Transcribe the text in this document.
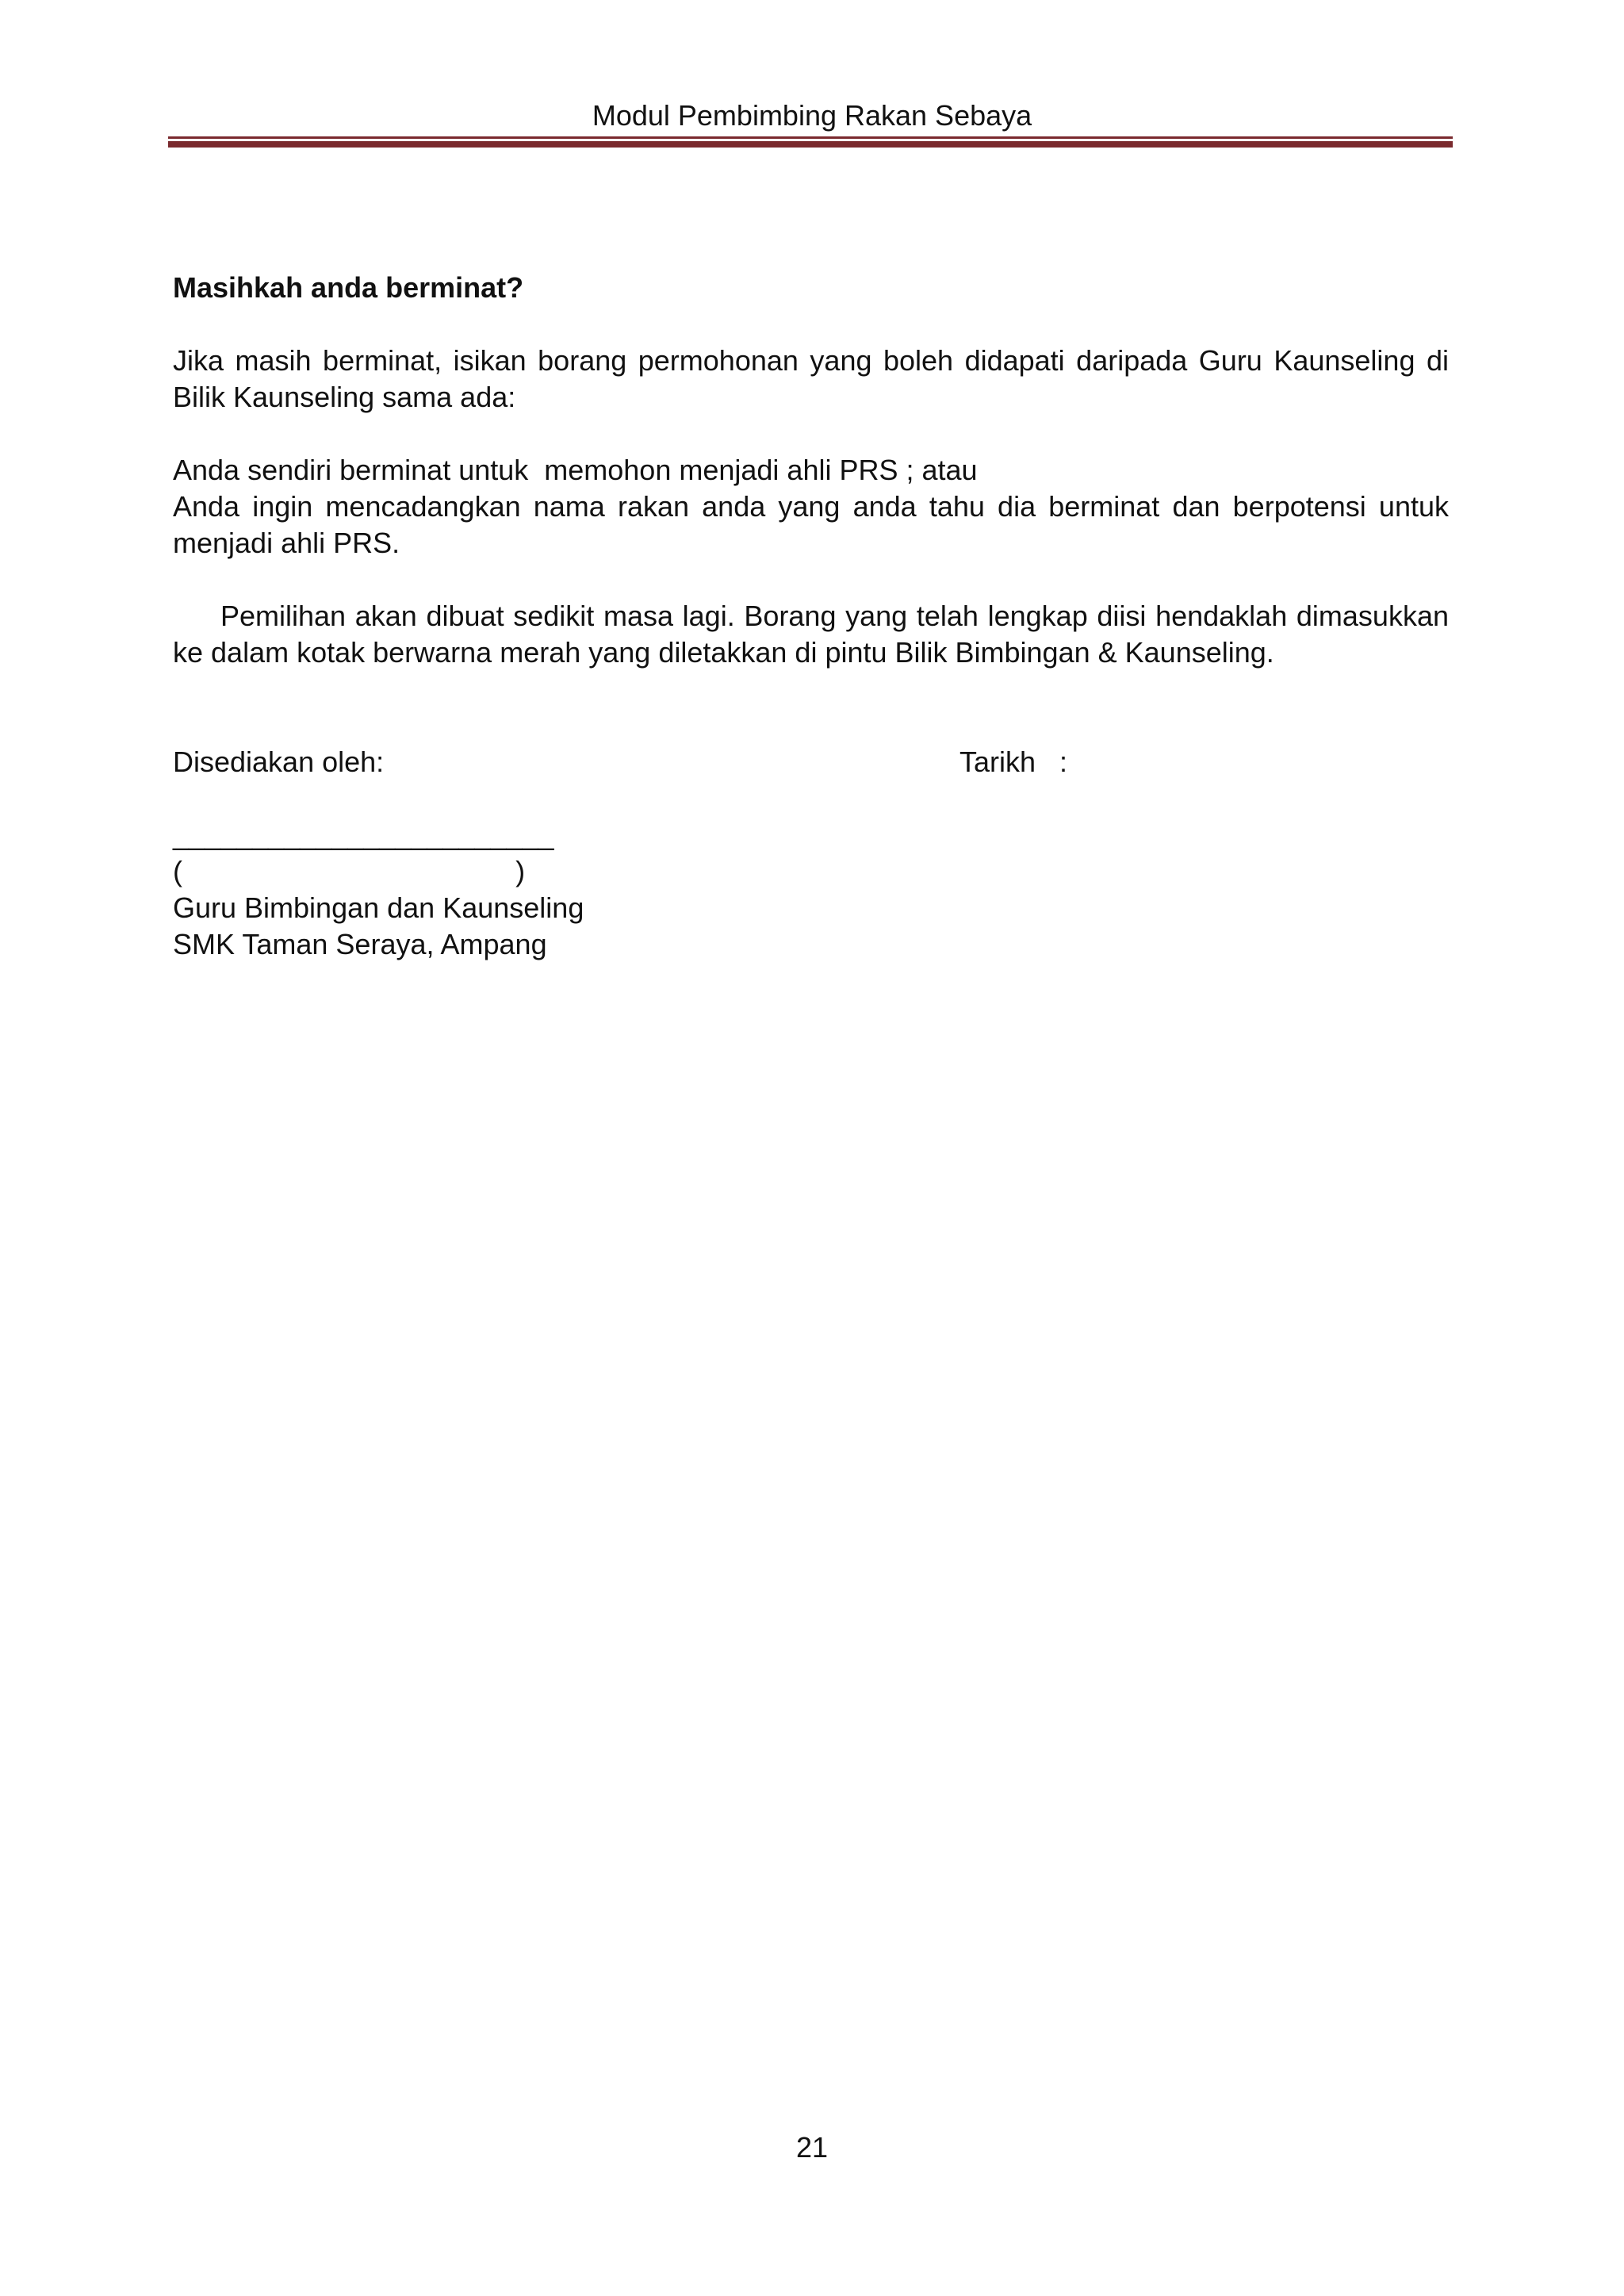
Modul Pembimbing Rakan Sebaya

Masihkah anda berminat?

Jika masih berminat, isikan borang permohonan yang boleh didapati daripada Guru Kaunseling di Bilik Kaunseling sama ada:

Anda sendiri berminat untuk  memohon menjadi ahli PRS ; atau

Anda ingin mencadangkan nama rakan anda yang anda tahu dia berminat dan berpotensi untuk menjadi ahli PRS.

Pemilihan akan dibuat sedikit masa lagi. Borang yang telah lengkap diisi hendaklah dimasukkan ke dalam kotak berwarna merah yang diletakkan di pintu Bilik Bimbingan & Kaunseling.

Disediakan oleh:	Tarikh   :

________________________

(                                          )

Guru Bimbingan dan Kaunseling

SMK Taman Seraya, Ampang

21
